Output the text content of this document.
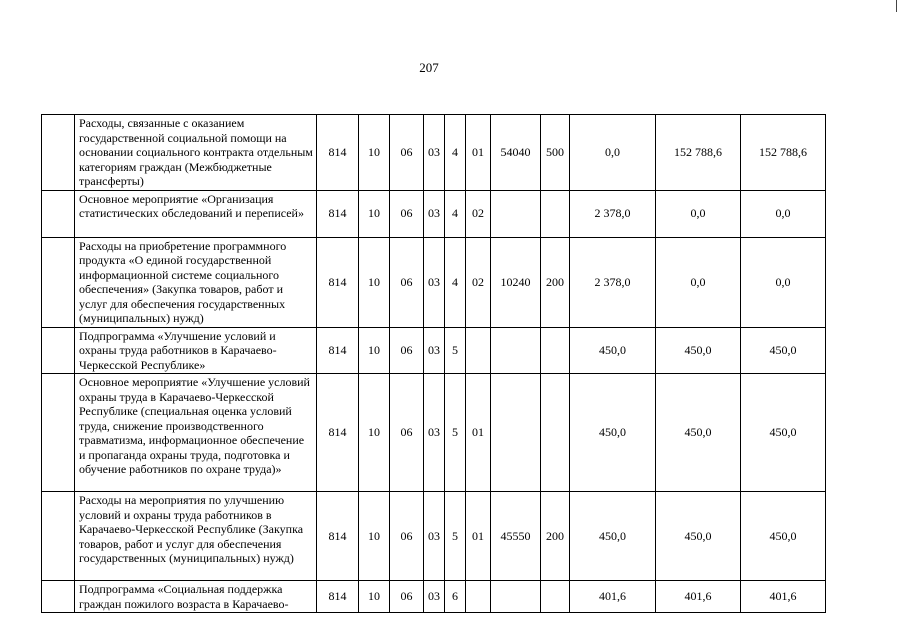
207
	Расходы, связанные с оказанием государственной социальной помощи на основании социального контракта отдельным категориям граждан (Межбюджетные трансферты)	814	10	06	03	4	01	54040	500	0,0	152 788,6	152 788,6
	Основное мероприятие «Организация статистических обследований и переписей»	814	10	06	03	4	02			2 378,0	0,0	0,0
	Расходы на приобретение программного продукта «О единой государственной информационной системе социального обеспечения» (Закупка товаров, работ и услуг для обеспечения государственных (муниципальных) нужд)	814	10	06	03	4	02	10240	200	2 378,0	0,0	0,0
	Подпрограмма «Улучшение условий и охраны труда работников в Карачаево-Черкесской Республике»	814	10	06	03	5				450,0	450,0	450,0
	Основное мероприятие «Улучшение условий охраны труда в Карачаево-Черкесской Республике (специальная оценка условий труда, снижение производственного травматизма, информационное обеспечение и пропаганда охраны труда, подготовка и обучение работников по охране труда)»	814	10	06	03	5	01			450,0	450,0	450,0
	Расходы на мероприятия по улучшению условий и охраны труда работников в Карачаево-Черкесской Республике (Закупка товаров, работ и услуг для обеспечения государственных (муниципальных) нужд)	814	10	06	03	5	01	45550	200	450,0	450,0	450,0
	Подпрограмма «Социальная поддержка граждан пожилого возраста в Карачаево-	814	10	06	03	6				401,6	401,6	401,6
